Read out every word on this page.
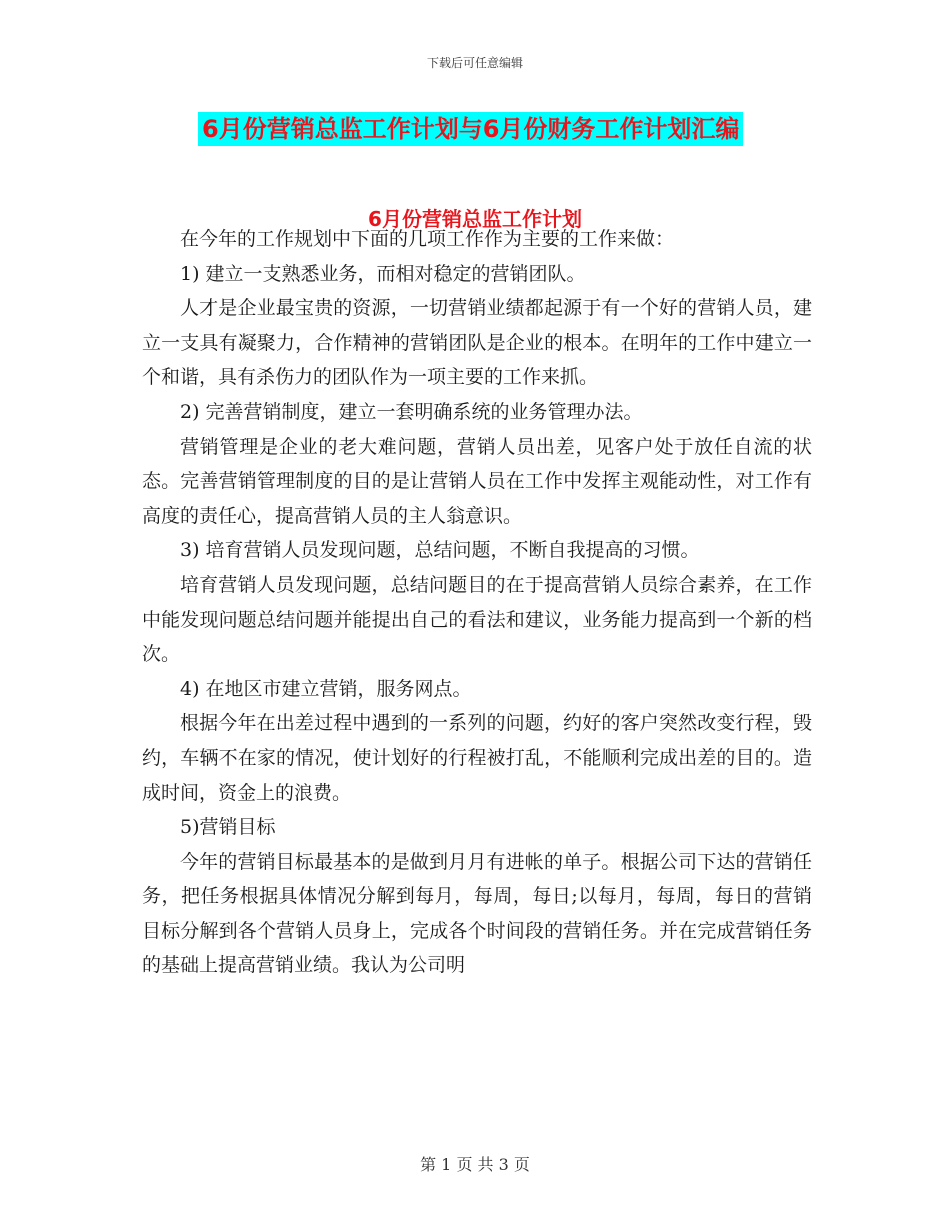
下载后可任意编辑
6月份营销总监工作计划与6月份财务工作计划汇编
6月份营销总监工作计划

在今年的工作规划中下面的几项工作作为主要的工作来做：

1) 建立一支熟悉业务，而相对稳定的营销团队。

人才是企业最宝贵的资源，一切营销业绩都起源于有一个好的营销人员，建立一支具有凝聚力，合作精神的营销团队是企业的根本。在明年的工作中建立一个和谐，具有杀伤力的团队作为一项主要的工作来抓。

2) 完善营销制度，建立一套明确系统的业务管理办法。

营销管理是企业的老大难问题，营销人员出差，见客户处于放任自流的状态。完善营销管理制度的目的是让营销人员在工作中发挥主观能动性，对工作有高度的责任心，提高营销人员的主人翁意识。

3) 培育营销人员发现问题，总结问题，不断自我提高的习惯。

培育营销人员发现问题，总结问题目的在于提高营销人员综合素养，在工作中能发现问题总结问题并能提出自己的看法和建议，业务能力提高到一个新的档次。

4) 在地区市建立营销，服务网点。

根据今年在出差过程中遇到的一系列的问题，约好的客户突然改变行程，毁约，车辆不在家的情况，使计划好的行程被打乱，不能顺利完成出差的目的。造成时间，资金上的浪费。

5)营销目标

今年的营销目标最基本的是做到月月有进帐的单子。根据公司下达的营销任务，把任务根据具体情况分解到每月，每周，每日;以每月，每周，每日的营销目标分解到各个营销人员身上，完成各个时间段的营销任务。并在完成营销任务的基础上提高营销业绩。我认为公司明

第 1 页 共 3 页
